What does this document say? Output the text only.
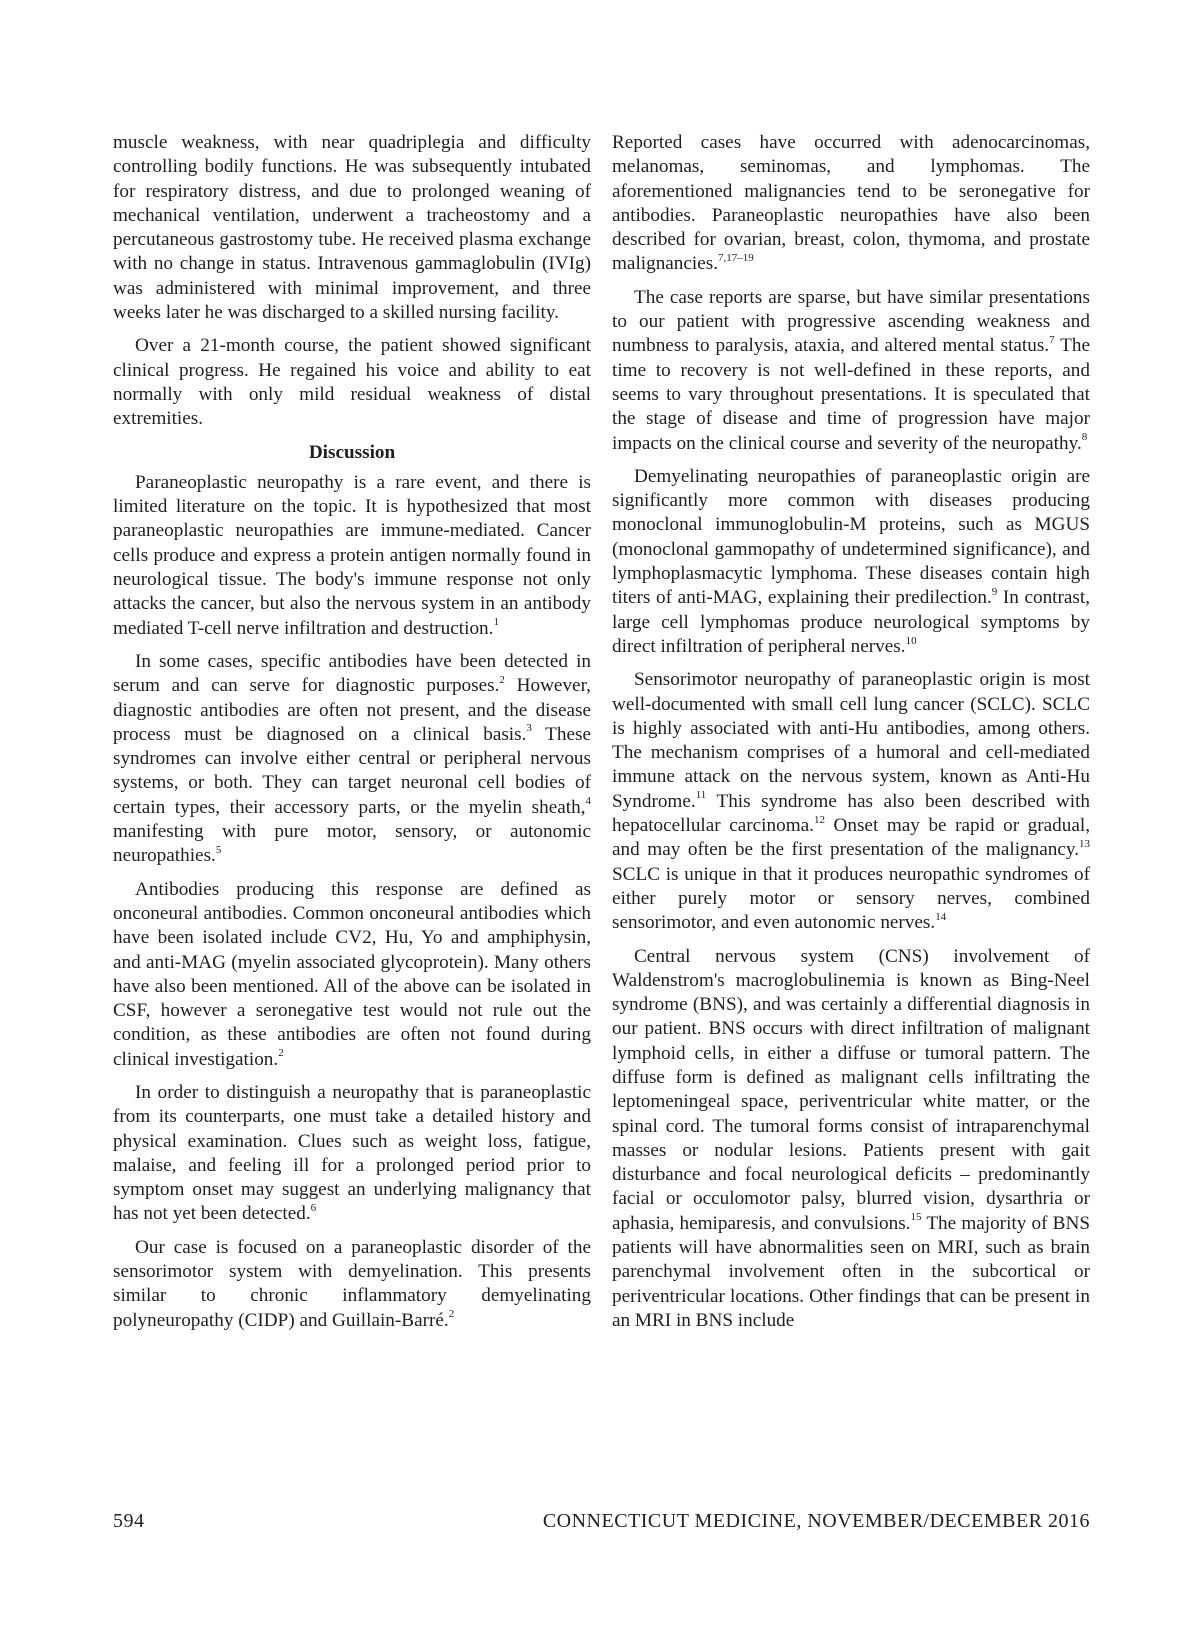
muscle weakness, with near quadriplegia and difficulty controlling bodily functions. He was subsequently intubated for respiratory distress, and due to prolonged weaning of mechanical ventilation, underwent a tracheostomy and a percutaneous gastrostomy tube. He received plasma exchange with no change in status. Intravenous gammaglobulin (IVIg) was administered with minimal improvement, and three weeks later he was discharged to a skilled nursing facility.

Over a 21-month course, the patient showed significant clinical progress. He regained his voice and ability to eat normally with only mild residual weakness of distal extremities.

Discussion

Paraneoplastic neuropathy is a rare event, and there is limited literature on the topic. It is hypothesized that most paraneoplastic neuropathies are immune-mediated. Cancer cells produce and express a protein antigen normally found in neurological tissue. The body's immune response not only attacks the cancer, but also the nervous system in an antibody mediated T-cell nerve infiltration and destruction.$^1$

In some cases, specific antibodies have been detected in serum and can serve for diagnostic purposes.$^2$ However, diagnostic antibodies are often not present, and the disease process must be diagnosed on a clinical basis.$^3$ These syndromes can involve either central or peripheral nervous systems, or both. They can target neuronal cell bodies of certain types, their accessory parts, or the myelin sheath,$^4$ manifesting with pure motor, sensory, or autonomic neuropathies.$^5$

Antibodies producing this response are defined as onconeural antibodies. Common onconeural antibodies which have been isolated include CV2, Hu, Yo and amphiphysin, and anti-MAG (myelin associated glycoprotein). Many others have also been mentioned. All of the above can be isolated in CSF, however a seronegative test would not rule out the condition, as these antibodies are often not found during clinical investigation.$^2$

In order to distinguish a neuropathy that is paraneoplastic from its counterparts, one must take a detailed history and physical examination. Clues such as weight loss, fatigue, malaise, and feeling ill for a prolonged period prior to symptom onset may suggest an underlying malignancy that has not yet been detected.$^6$

Our case is focused on a paraneoplastic disorder of the sensorimotor system with demyelination. This presents similar to chronic inflammatory demyelinating polyneuropathy (CIDP) and Guillain-Barré.$^2$

Reported cases have occurred with adenocarcinomas, melanomas, seminomas, and lymphomas. The aforementioned malignancies tend to be seronegative for antibodies. Paraneoplastic neuropathies have also been described for ovarian, breast, colon, thymoma, and prostate malignancies.$^{7,17-19}$

The case reports are sparse, but have similar presentations to our patient with progressive ascending weakness and numbness to paralysis, ataxia, and altered mental status.$^7$ The time to recovery is not well-defined in these reports, and seems to vary throughout presentations. It is speculated that the stage of disease and time of progression have major impacts on the clinical course and severity of the neuropathy.$^8$

Demyelinating neuropathies of paraneoplastic origin are significantly more common with diseases producing monoclonal immunoglobulin-M proteins, such as MGUS (monoclonal gammopathy of undetermined significance), and lymphoplasmacytic lymphoma. These diseases contain high titers of anti-MAG, explaining their predilection.$^9$ In contrast, large cell lymphomas produce neurological symptoms by direct infiltration of peripheral nerves.$^{10}$

Sensorimotor neuropathy of paraneoplastic origin is most well-documented with small cell lung cancer (SCLC). SCLC is highly associated with anti-Hu antibodies, among others. The mechanism comprises of a humoral and cell-mediated immune attack on the nervous system, known as Anti-Hu Syndrome.$^{11}$ This syndrome has also been described with hepatocellular carcinoma.$^{12}$ Onset may be rapid or gradual, and may often be the first presentation of the malignancy.$^{13}$ SCLC is unique in that it produces neuropathic syndromes of either purely motor or sensory nerves, combined sensorimotor, and even autonomic nerves.$^{14}$

Central nervous system (CNS) involvement of Waldenstrom's macroglobulinemia is known as Bing-Neel syndrome (BNS), and was certainly a differential diagnosis in our patient. BNS occurs with direct infiltration of malignant lymphoid cells, in either a diffuse or tumoral pattern. The diffuse form is defined as malignant cells infiltrating the leptomeningeal space, periventricular white matter, or the spinal cord. The tumoral forms consist of intraparenchymal masses or nodular lesions. Patients present with gait disturbance and focal neurological deficits – predominantly facial or occulomotor palsy, blurred vision, dysarthria or aphasia, hemiparesis, and convulsions.$^{15}$ The majority of BNS patients will have abnormalities seen on MRI, such as brain parenchymal involvement often in the subcortical or periventricular locations. Other findings that can be present in an MRI in BNS include

594	CONNECTICUT MEDICINE, NOVEMBER/DECEMBER 2016
